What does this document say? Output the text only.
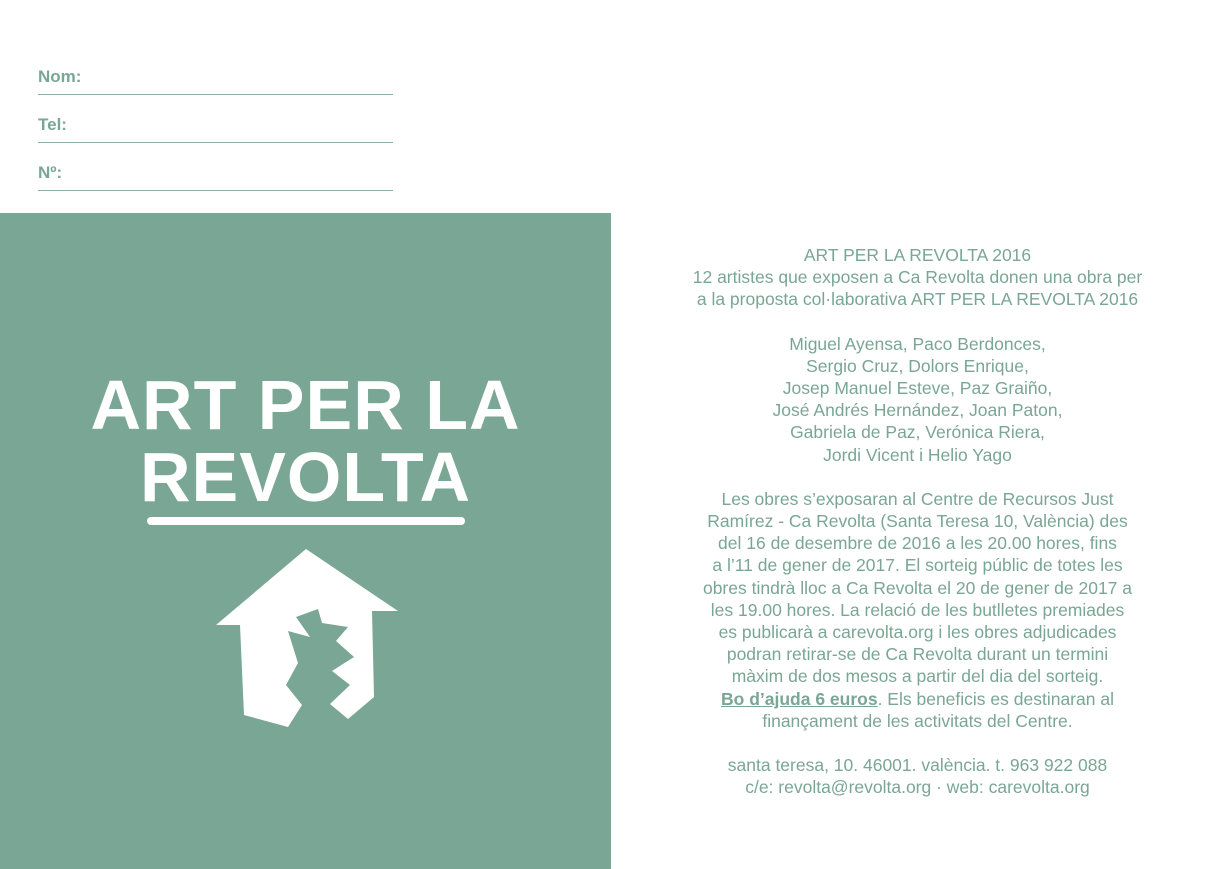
Nom:
Tel:
Nº:
ART PER LA
REVOLTA

ART PER LA REVOLTA 2016

12 artistes que exposen a Ca Revolta donen una obra per

a la proposta col·laborativa ART PER LA REVOLTA 2016

Miguel Ayensa, Paco Berdonces,

Sergio Cruz, Dolors Enrique,

Josep Manuel Esteve, Paz Graiño,

José Andrés Hernández, Joan Paton,

Gabriela de Paz, Verónica Riera,

Jordi Vicent i Helio Yago

Les obres s’exposaran al Centre de Recursos Just

Ramírez - Ca Revolta (Santa Teresa 10, València) des

del 16 de desembre de 2016 a les 20.00 hores, fins

a l’11 de gener de 2017. El sorteig públic de totes les

obres tindrà lloc a Ca Revolta el 20 de gener de 2017 a

les 19.00 hores. La relació de les butlletes premiades

es publicarà a carevolta.org i les obres adjudicades

podran retirar-se de Ca Revolta durant un termini

màxim de dos mesos a partir del dia del sorteig.

Bo d’ajuda 6 euros. Els beneficis es destinaran al

finançament de les activitats del Centre.

santa teresa, 10. 46001. valència. t. 963 922 088

c/e: revolta@revolta.org · web: carevolta.org
